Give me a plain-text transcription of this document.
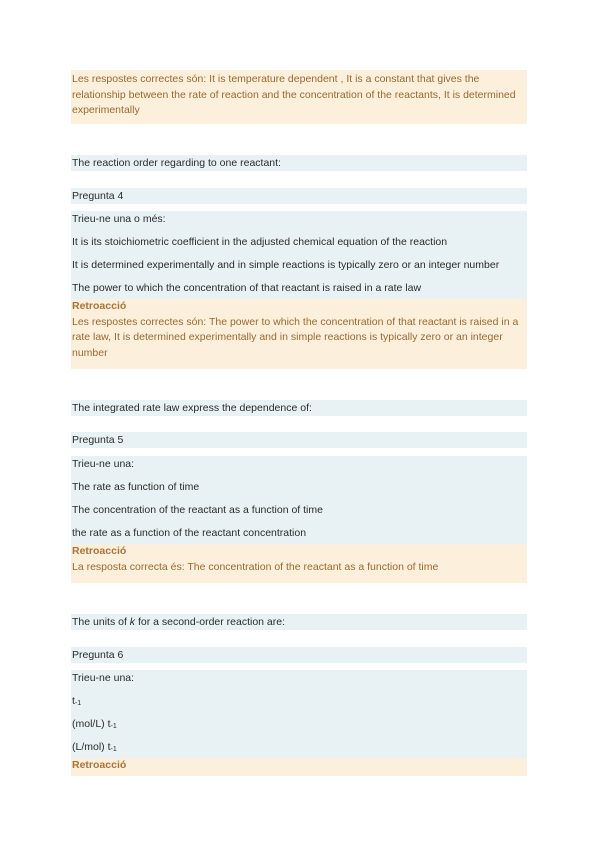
Les respostes correctes són: It is temperature dependent , It is a constant that gives the relationship between the rate of reaction and the concentration of the reactants, It is determined experimentally
The reaction order regarding to one reactant:
Pregunta 4
Trieu-ne una o més:
It is its stoichiometric coefficient in the adjusted chemical equation of the reaction
It is determined experimentally and in simple reactions is typically zero or an integer number
The power to which the concentration of that reactant is raised in a rate law
Retroacció
Les respostes correctes són: The power to which the concentration of that reactant is raised in a rate law, It is determined experimentally and in simple reactions is typically zero or an integer number
The integrated rate law express the dependence of:
Pregunta 5
Trieu-ne una:
The rate as function of time
The concentration of the reactant as a function of time
the rate as a function of the reactant concentration
Retroacció
La resposta correcta és: The concentration of the reactant as a function of time
The units of k for a second-order reaction are:
Pregunta 6
Trieu-ne una:
t-1
(mol/L) t-1
(L/mol) t-1
Retroacció
